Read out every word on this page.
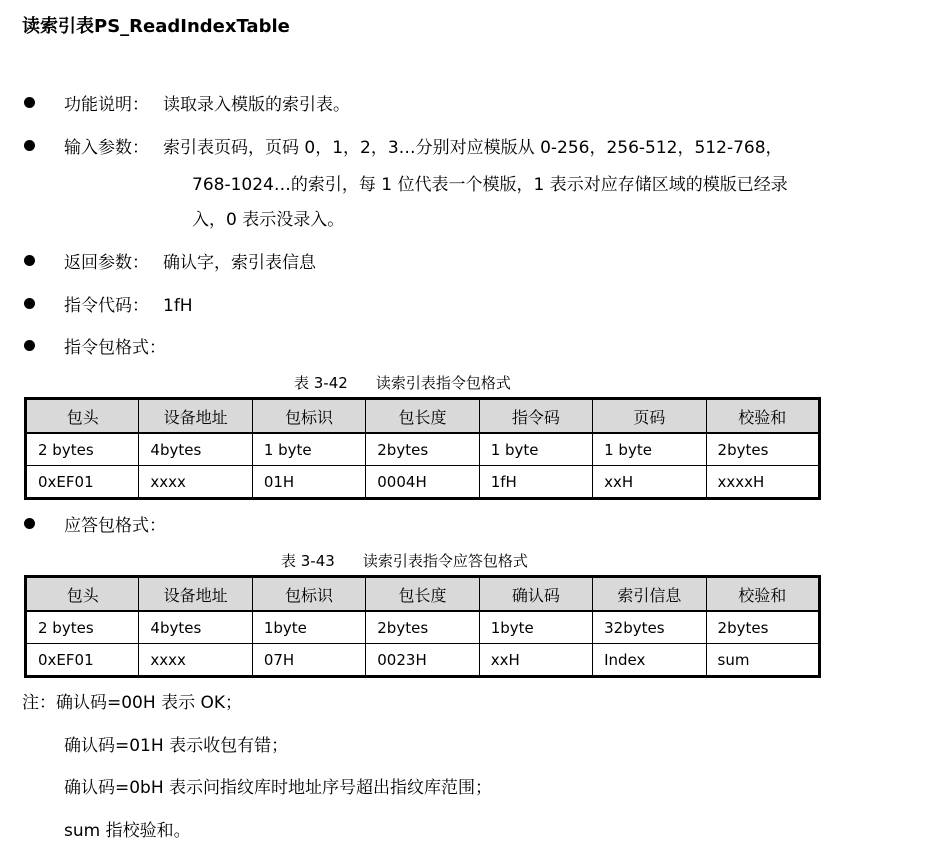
读索引表PS_ReadIndexTable
功能说明： 读取录入模版的索引表。
输入参数： 索引表页码，页码 0，1，2，3…分别对应模版从 0-256，256-512，512-768，
768-1024…的索引，每 1 位代表一个模版，1 表示对应存储区域的模版已经录
入，0 表示没录入。
返回参数： 确认字，索引表信息
指令代码： 1fH
指令包格式：
表 3-42 读索引表指令包格式
包头	设备地址	包标识	包长度	指令码	页码	校验和
2 bytes	4bytes	1 byte	2bytes	1 byte	1 byte	2bytes
0xEF01	xxxx	01H	0004H	1fH	xxH	xxxxH
应答包格式：
表 3-43 读索引表指令应答包格式
包头	设备地址	包标识	包长度	确认码	索引信息	校验和
2 bytes	4bytes	1byte	2bytes	1byte	32bytes	2bytes
0xEF01	xxxx	07H	0023H	xxH	Index	sum
注：确认码=00H 表示 OK；
确认码=01H 表示收包有错；
确认码=0bH 表示问指纹库时地址序号超出指纹库范围；
sum 指校验和。
